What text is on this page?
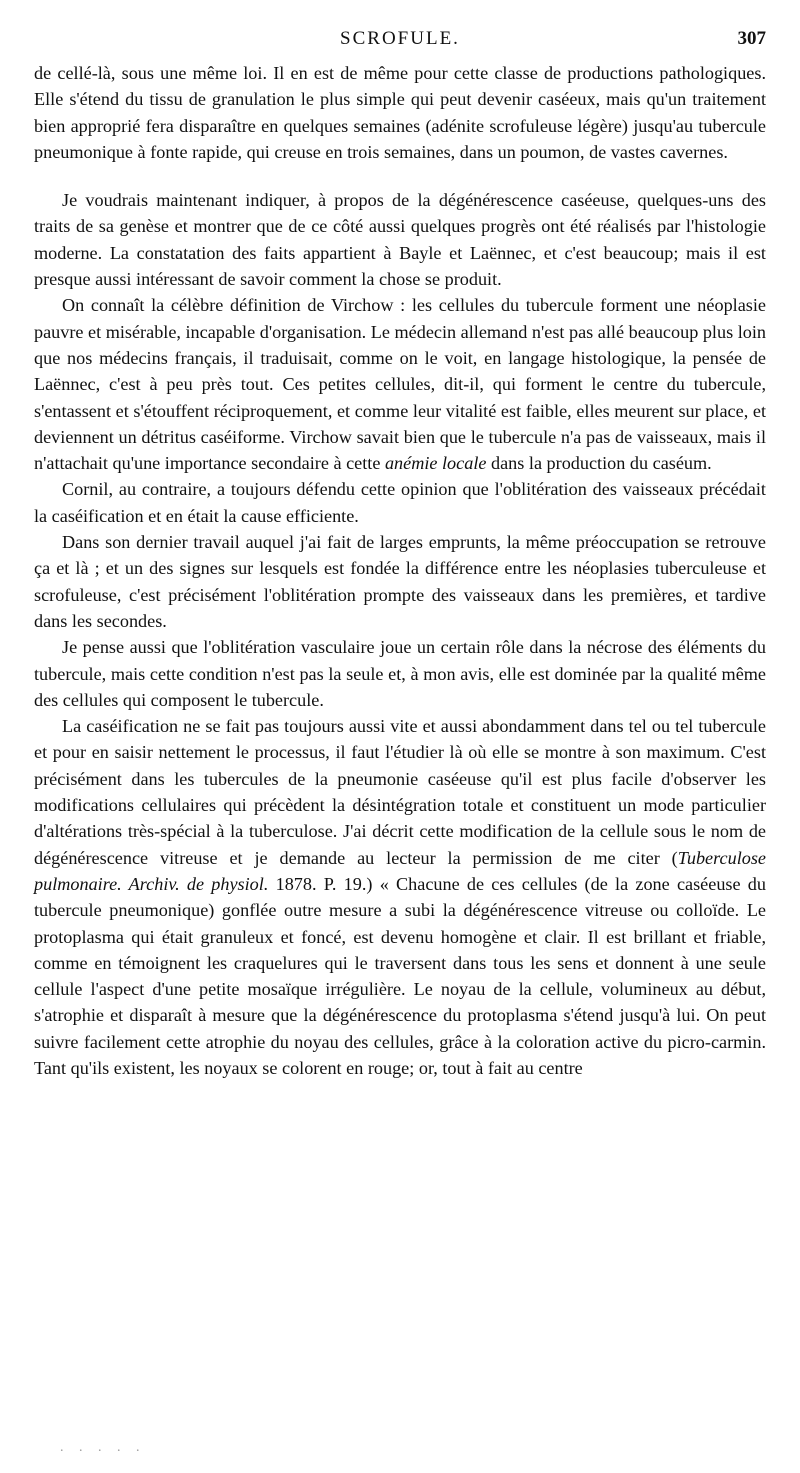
SCROFULE.	307

de cellé-là, sous une même loi. Il en est de même pour cette classe de productions pathologiques. Elle s'étend du tissu de granulation le plus simple qui peut devenir caséeux, mais qu'un traitement bien approprié fera disparaître en quelques semaines (adénite scrofuleuse légère) jusqu'au tubercule pneumonique à fonte rapide, qui creuse en trois semaines, dans un poumon, de vastes cavernes.

Je voudrais maintenant indiquer, à propos de la dégénérescence caséeuse, quelques-uns des traits de sa genèse et montrer que de ce côté aussi quelques progrès ont été réalisés par l'histologie moderne. La constatation des faits appartient à Bayle et Laënnec, et c'est beaucoup; mais il est presque aussi intéressant de savoir comment la chose se produit.

On connaît la célèbre définition de Virchow : les cellules du tubercule forment une néoplasie pauvre et misérable, incapable d'organisation. Le médecin allemand n'est pas allé beaucoup plus loin que nos médecins français, il traduisait, comme on le voit, en langage histologique, la pensée de Laënnec, c'est à peu près tout. Ces petites cellules, dit-il, qui forment le centre du tubercule, s'entassent et s'étouffent réciproquement, et comme leur vitalité est faible, elles meurent sur place, et deviennent un détritus caséiforme. Virchow savait bien que le tubercule n'a pas de vaisseaux, mais il n'attachait qu'une importance secondaire à cette anémie locale dans la production du caséum.

Cornil, au contraire, a toujours défendu cette opinion que l'oblitération des vaisseaux précédait la caséification et en était la cause efficiente.

Dans son dernier travail auquel j'ai fait de larges emprunts, la même préoccupation se retrouve ça et là ; et un des signes sur lesquels est fondée la différence entre les néoplasies tuberculeuse et scrofuleuse, c'est précisément l'oblitération prompte des vaisseaux dans les premières, et tardive dans les secondes.

Je pense aussi que l'oblitération vasculaire joue un certain rôle dans la nécrose des éléments du tubercule, mais cette condition n'est pas la seule et, à mon avis, elle est dominée par la qualité même des cellules qui composent le tubercule.

La caséification ne se fait pas toujours aussi vite et aussi abondamment dans tel ou tel tubercule et pour en saisir nettement le processus, il faut l'étudier là où elle se montre à son maximum. C'est précisément dans les tubercules de la pneumonie caséeuse qu'il est plus facile d'observer les modifications cellulaires qui précèdent la désintégration totale et constituent un mode particulier d'altérations très-spécial à la tuberculose. J'ai décrit cette modification de la cellule sous le nom de dégénérescence vitreuse et je demande au lecteur la permission de me citer (Tuberculose pulmonaire. Archiv. de physiol. 1878. P. 19.) « Chacune de ces cellules (de la zone caséeuse du tubercule pneumonique) gonflée outre mesure a subi la dégénérescence vitreuse ou colloïde. Le protoplasma qui était granuleux et foncé, est devenu homogène et clair. Il est brillant et friable, comme en témoignent les craquelures qui le traversent dans tous les sens et donnent à une seule cellule l'aspect d'une petite mosaïque irrégulière. Le noyau de la cellule, volumineux au début, s'atrophie et disparaît à mesure que la dégénérescence du protoplasma s'étend jusqu'à lui. On peut suivre facilement cette atrophie du noyau des cellules, grâce à la coloration active du picro-carmin. Tant qu'ils existent, les noyaux se colorent en rouge; or, tout à fait au centre

. . . . .
